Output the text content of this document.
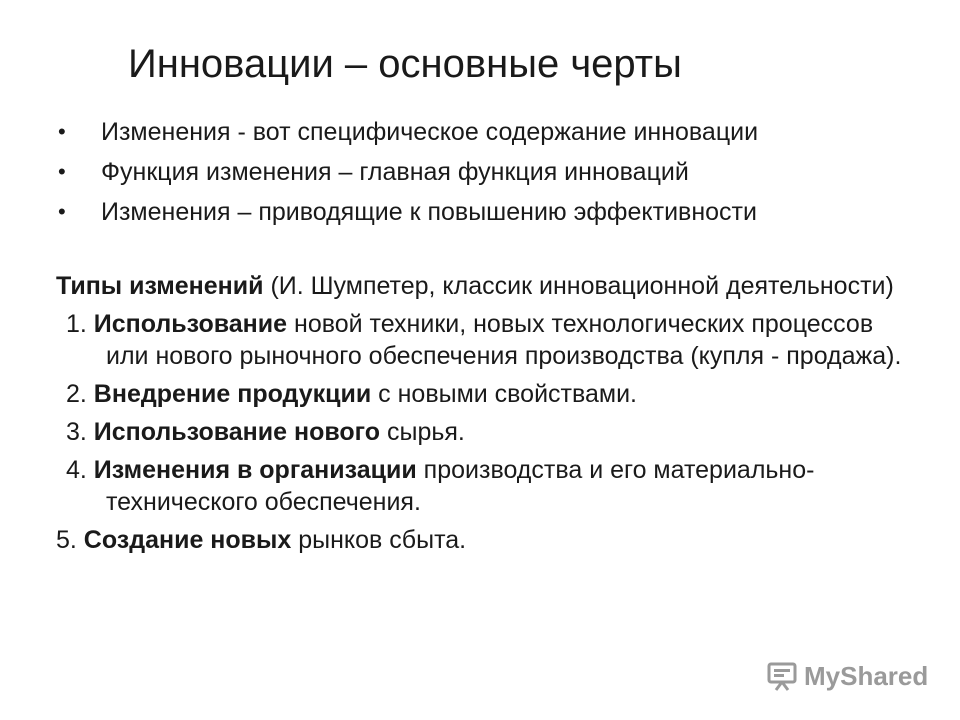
Инновации – основные черты
• Изменения - вот специфическое содержание инновации
• Функция изменения – главная функция инноваций
• Изменения – приводящие к повышению эффективности
Типы изменений (И. Шумпетер, классик инновационной деятельности)
1. Использование новой техники, новых технологических процессов или нового рыночного обеспечения производства (купля - продажа).
2. Внедрение продукции с новыми свойствами.
3. Использование нового сырья.
4. Изменения в организации производства и его материально-технического обеспечения.
5. Создание новых рынков сбыта.
MyShared
